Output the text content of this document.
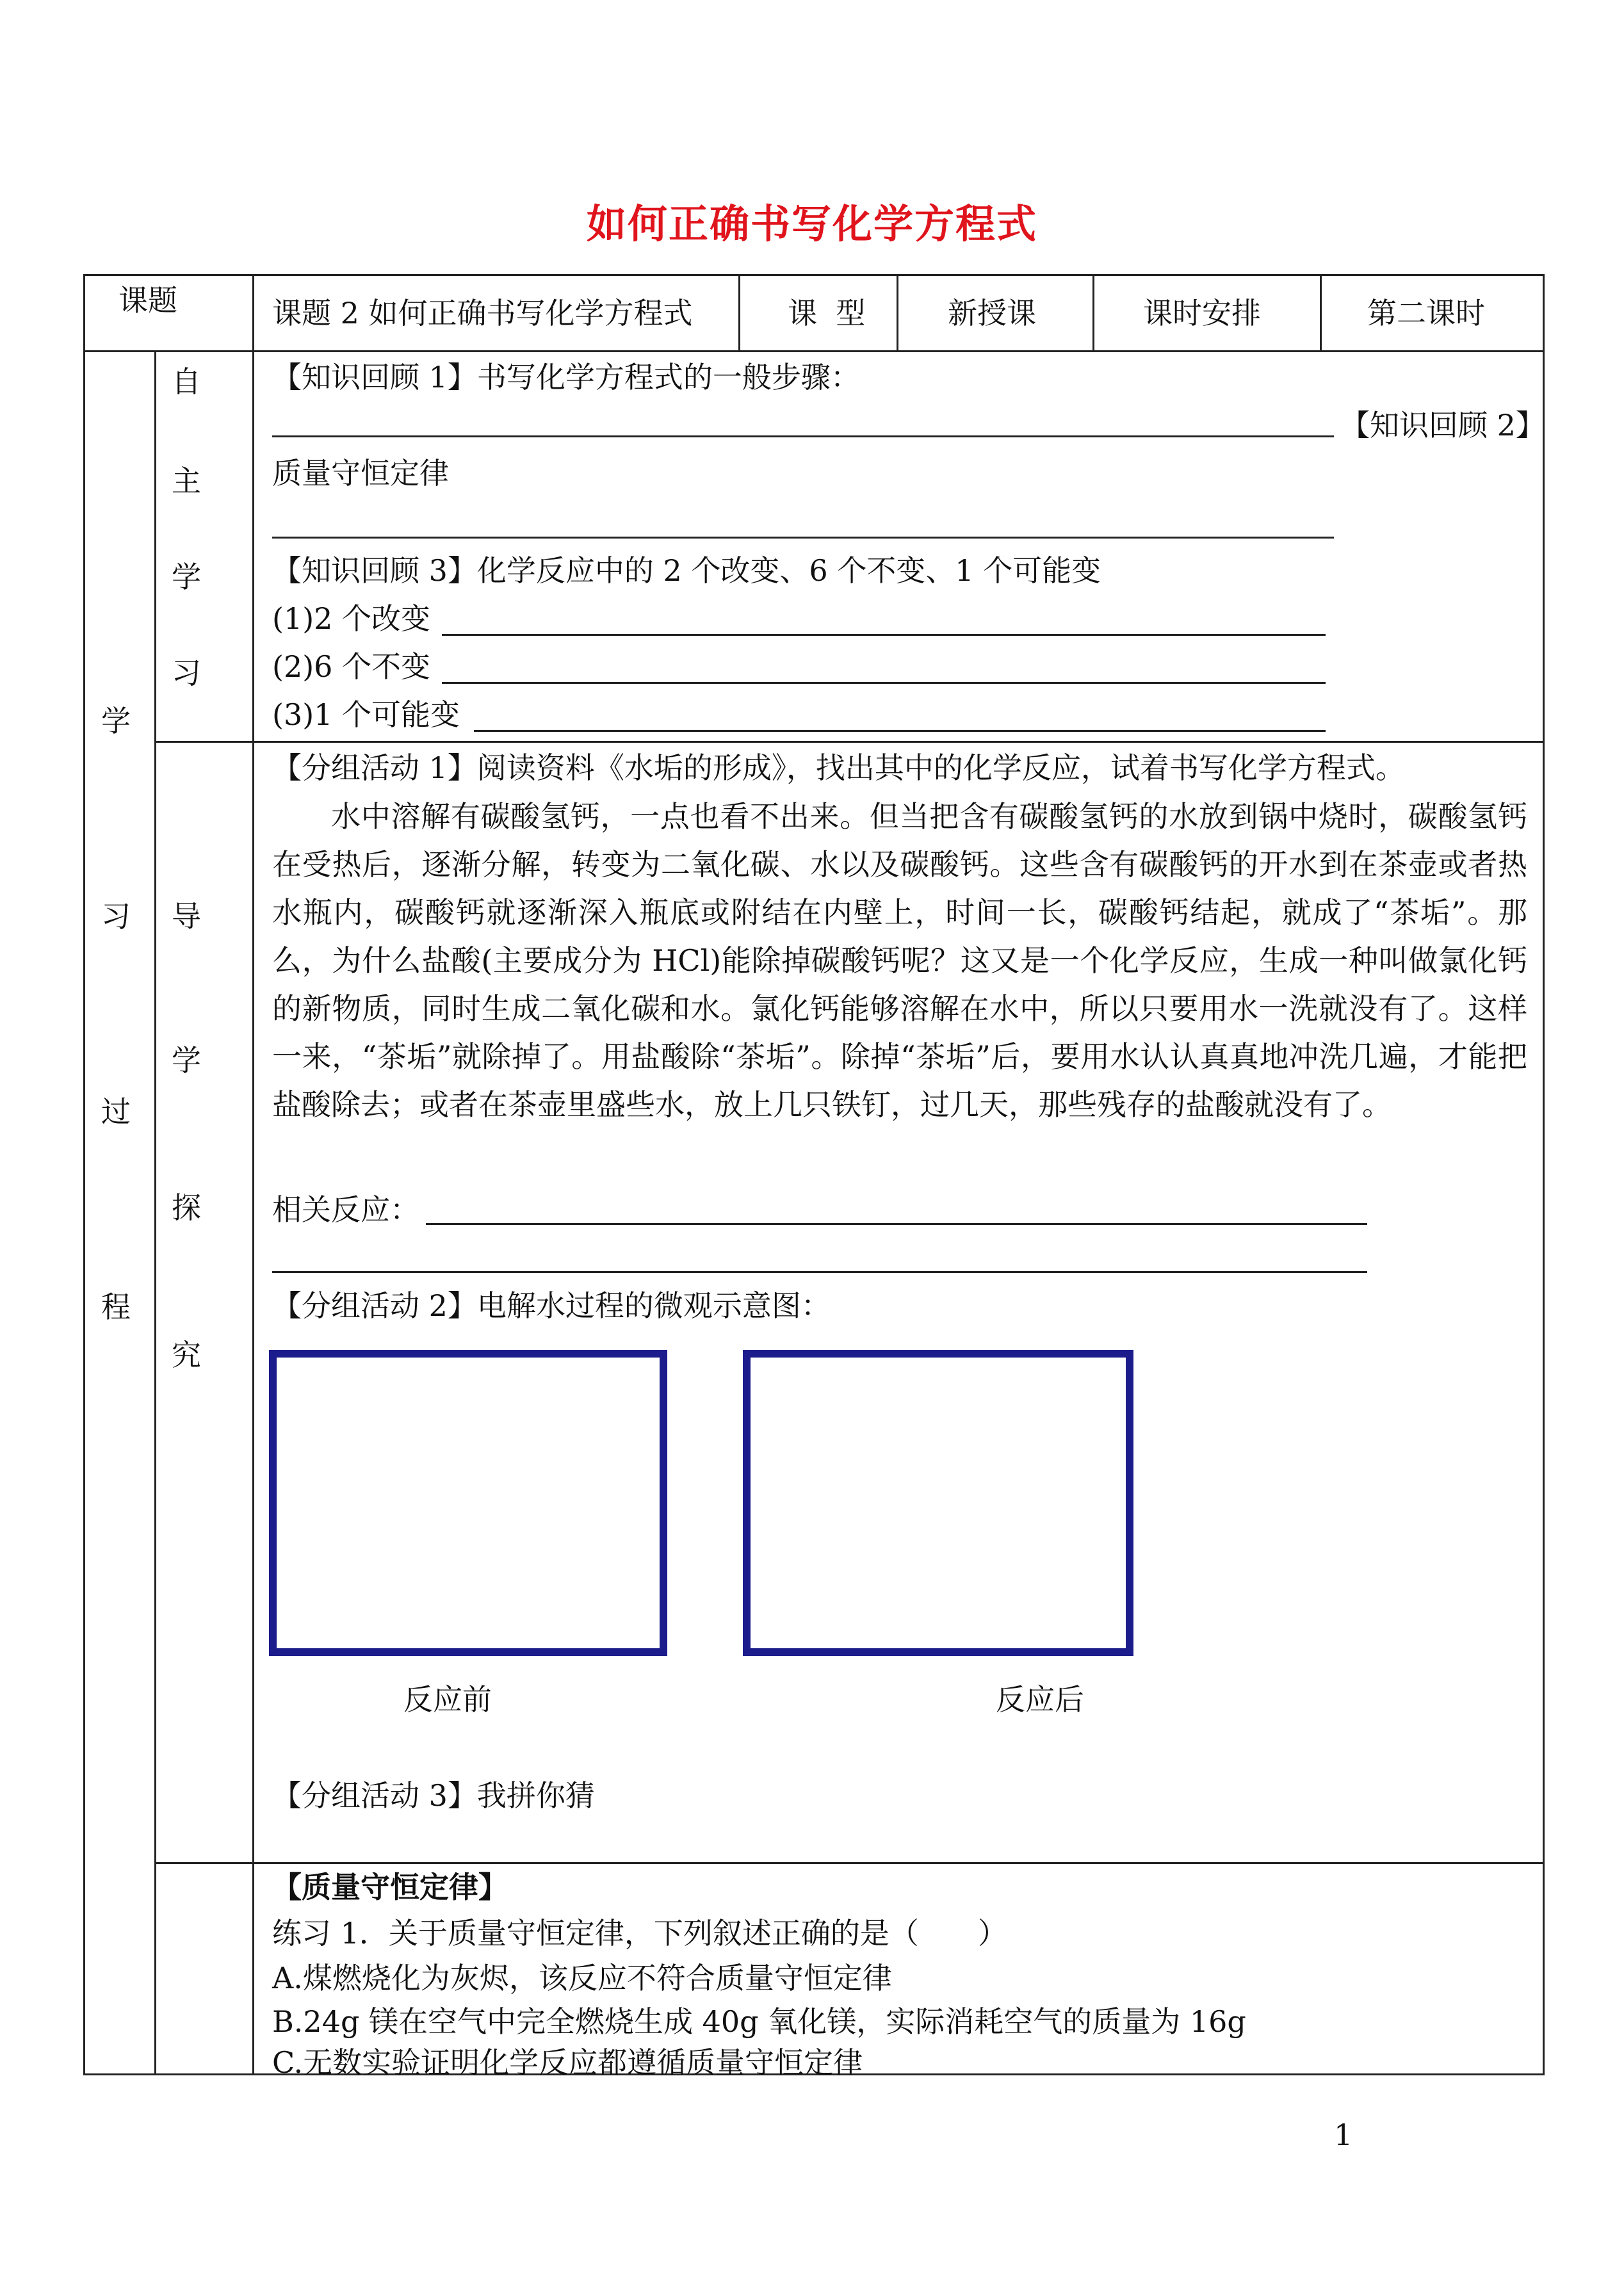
如何正确书写化学方程式
课题	课题 2 如何正确书写化学方程式	课  型	新授课	课时安排	第二课时
学
习
过
程
自
主
学
习
导
学
探
究
【知识回顾 1】书写化学方程式的一般步骤：
【知识回顾 2】
质量守恒定律
【知识回顾 3】化学反应中的 2 个改变、6 个不变、1 个可能变
(1)2 个改变
(2)6 个不变
(3)1 个可能变
【分组活动 1】阅读资料《水垢的形成》，找出其中的化学反应，试着书写化学方程式。
水中溶解有碳酸氢钙，一点也看不出来。但当把含有碳酸氢钙的水放到锅中烧时，碳酸氢钙在受热后，逐渐分解，转变为二氧化碳、水以及碳酸钙。这些含有碳酸钙的开水到在茶壶或者热水瓶内，碳酸钙就逐渐深入瓶底或附结在内壁上，时间一长，碳酸钙结起，就成了“茶垢”。那么，为什么盐酸(主要成分为 HCl)能除掉碳酸钙呢？这又是一个化学反应，生成一种叫做氯化钙的新物质，同时生成二氧化碳和水。氯化钙能够溶解在水中，所以只要用水一洗就没有了。这样一来，“茶垢”就除掉了。用盐酸除“茶垢”。除掉“茶垢”后，要用水认认真真地冲洗几遍，才能把盐酸除去；或者在茶壶里盛些水，放上几只铁钉，过几天，那些残存的盐酸就没有了。
相关反应：
【分组活动 2】电解水过程的微观示意图：
反应前	反应后
【分组活动 3】我拼你猜
【质量守恒定律】
练习 1．关于质量守恒定律，下列叙述正确的是（　　）
A.煤燃烧化为灰烬，该反应不符合质量守恒定律
B.24g 镁在空气中完全燃烧生成 40g 氧化镁，实际消耗空气的质量为 16g
C.无数实验证明化学反应都遵循质量守恒定律
1
